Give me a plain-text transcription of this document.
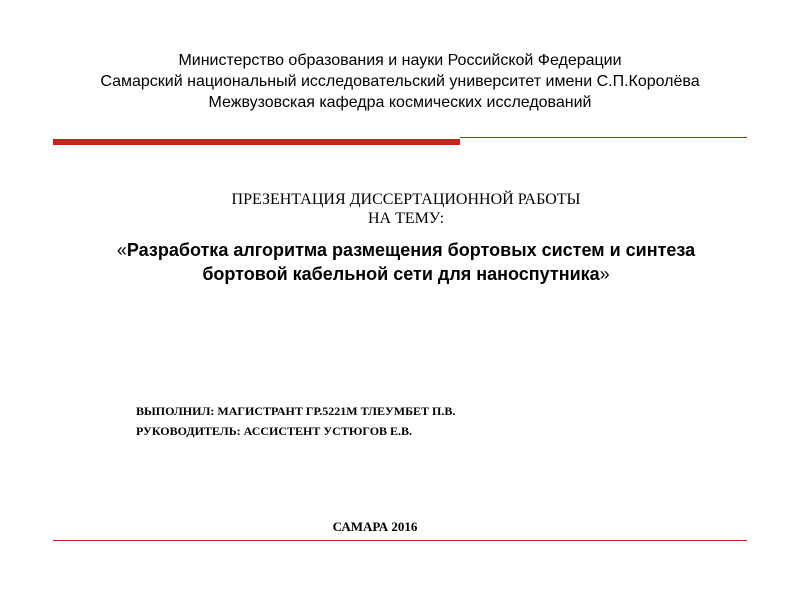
Министерство образования и науки Российской Федерации
Самарский национальный исследовательский университет имени С.П.Королёва
Межвузовская кафедра космических исследований
ПРЕЗЕНТАЦИЯ ДИССЕРТАЦИОННОЙ РАБОТЫ
НА ТЕМУ:
«Разработка алгоритма размещения бортовых систем и синтеза
бортовой кабельной сети для наноспутника»
ВЫПОЛНИЛ: МАГИСТРАНТ ГР.5221М ТЛЕУМБЕТ П.В.
РУКОВОДИТЕЛЬ: АССИСТЕНТ УСТЮГОВ Е.В.
САМАРА 2016
